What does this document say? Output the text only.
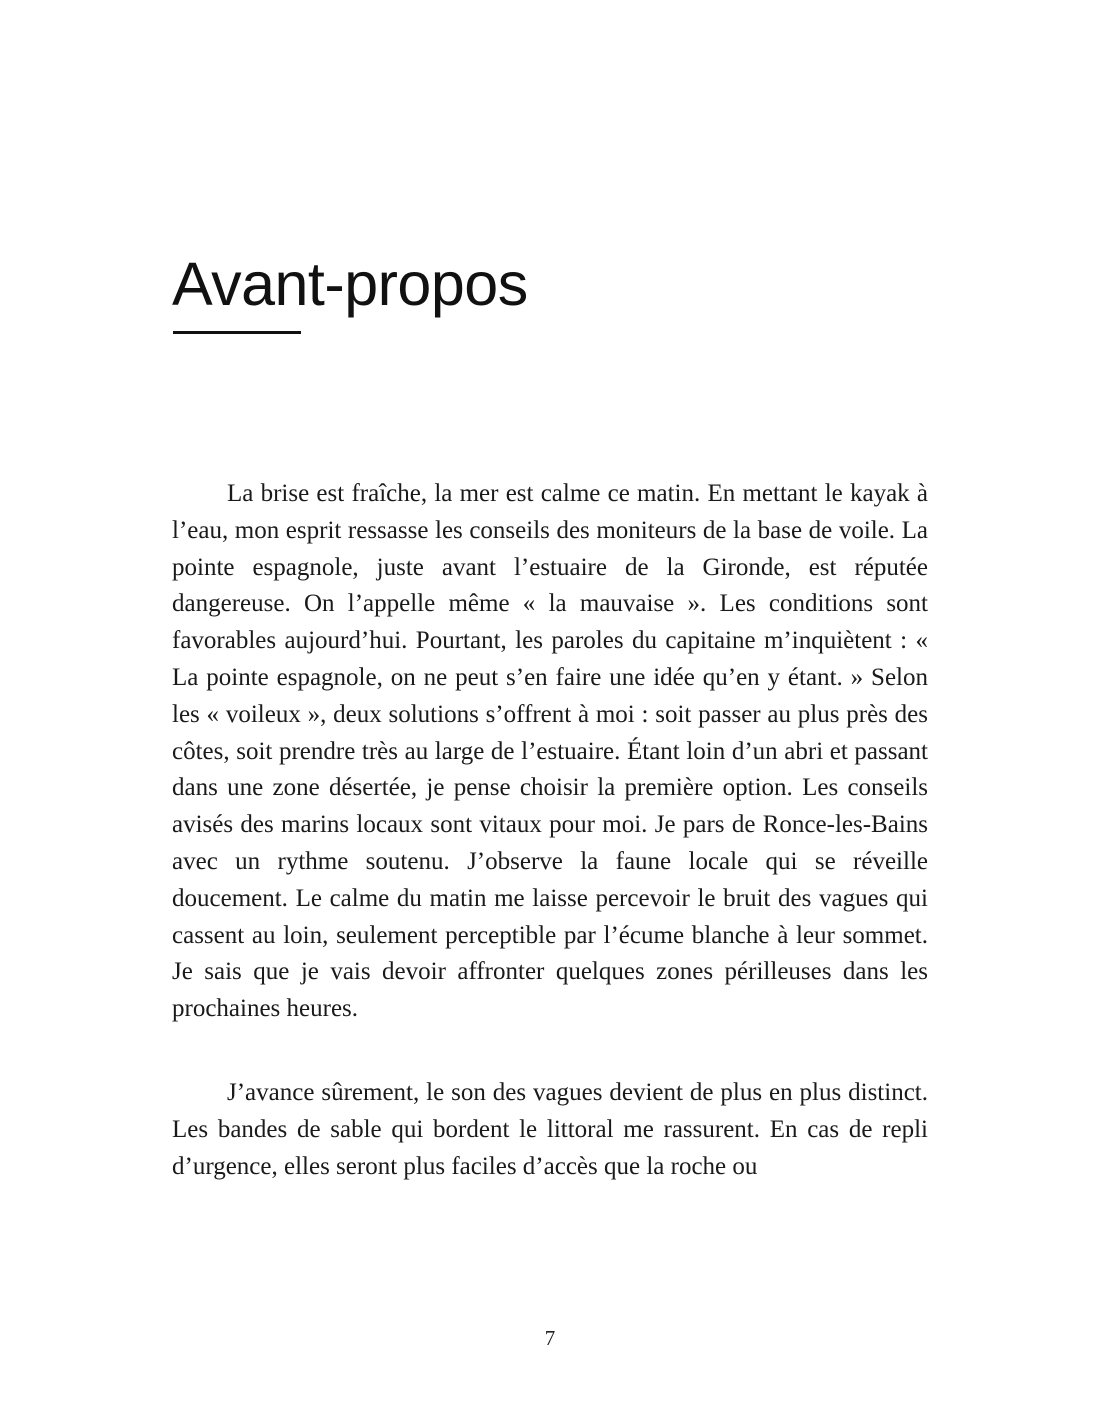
Avant-propos

La brise est fraîche, la mer est calme ce matin. En mettant le kayak à l’eau, mon esprit ressasse les conseils des moniteurs de la base de voile. La pointe espagnole, juste avant l’estuaire de la Gironde, est réputée dangereuse. On l’appelle même « la mauvaise ». Les conditions sont favorables aujourd’hui. Pourtant, les paroles du capitaine m’inquiètent : « La pointe espagnole, on ne peut s’en faire une idée qu’en y étant. » Selon les « voileux », deux solutions s’offrent à moi : soit passer au plus près des côtes, soit prendre très au large de l’estuaire. Étant loin d’un abri et passant dans une zone désertée, je pense choisir la première option. Les conseils avisés des marins locaux sont vitaux pour moi. Je pars de Ronce-les-Bains avec un rythme soutenu. J’observe la faune locale qui se réveille doucement. Le calme du matin me laisse percevoir le bruit des vagues qui cassent au loin, seulement perceptible par l’écume blanche à leur sommet. Je sais que je vais devoir affronter quelques zones périlleuses dans les prochaines heures.

J’avance sûrement, le son des vagues devient de plus en plus distinct. Les bandes de sable qui bordent le littoral me rassurent. En cas de repli d’urgence, elles seront plus faciles d’accès que la roche ou

7
